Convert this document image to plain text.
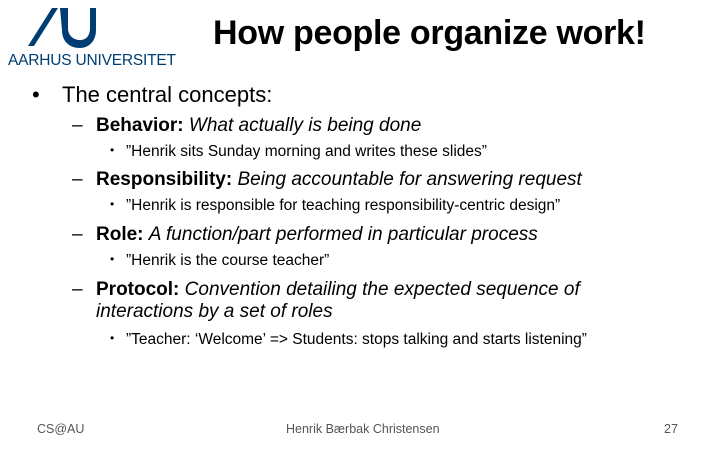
AARHUS UNIVERSITET
How people organize work!
• The central concepts:
– Behavior: What actually is being done
• ”Henrik sits Sunday morning and writes these slides”
– Responsibility: Being accountable for answering request
• ”Henrik is responsible for teaching responsibility-centric design”
– Role: A function/part performed in particular process
• ”Henrik is the course teacher”
– Protocol: Convention detailing the expected sequence of
interactions by a set of roles
• ”Teacher: ‘Welcome’ => Students: stops talking and starts listening”
CS@AU	Henrik Bærbak Christensen	27
